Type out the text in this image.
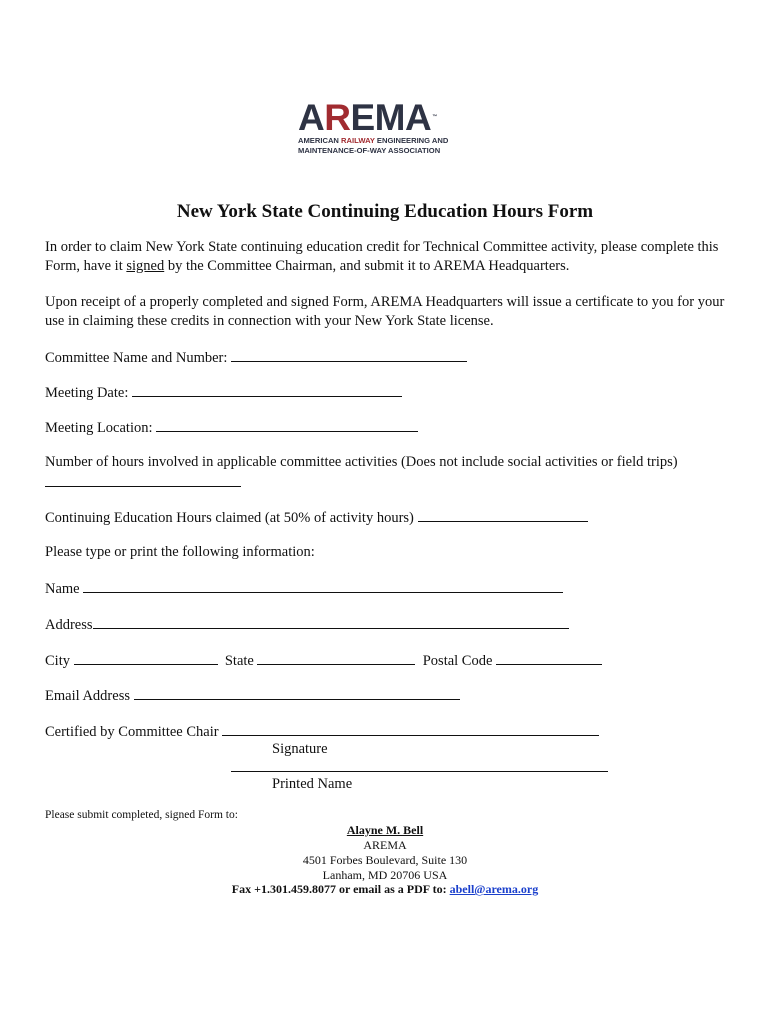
AREMA™
AMERICAN RAILWAY ENGINEERING AND
MAINTENANCE-OF-WAY ASSOCIATION
New York State Continuing Education Hours Form
In order to claim New York State continuing education credit for Technical Committee activity, please complete this Form, have it signed by the Committee Chairman, and submit it to AREMA Headquarters.
Upon receipt of a properly completed and signed Form, AREMA Headquarters will issue a certificate to you for your use in claiming these credits in connection with your New York State license.
Committee Name and Number:
Meeting Date:
Meeting Location:
Number of hours involved in applicable committee activities (Does not include social activities or field trips)
Continuing Education Hours claimed (at 50% of activity hours)
Please type or print the following information:
Name
Address
City	State	Postal Code
Email Address
Certified by Committee Chair
Signature
Printed Name
Please submit completed, signed Form to:
Alayne M. Bell
AREMA
4501 Forbes Boulevard, Suite 130
Lanham, MD 20706 USA
Fax +1.301.459.8077 or email as a PDF to: abell@arema.org
